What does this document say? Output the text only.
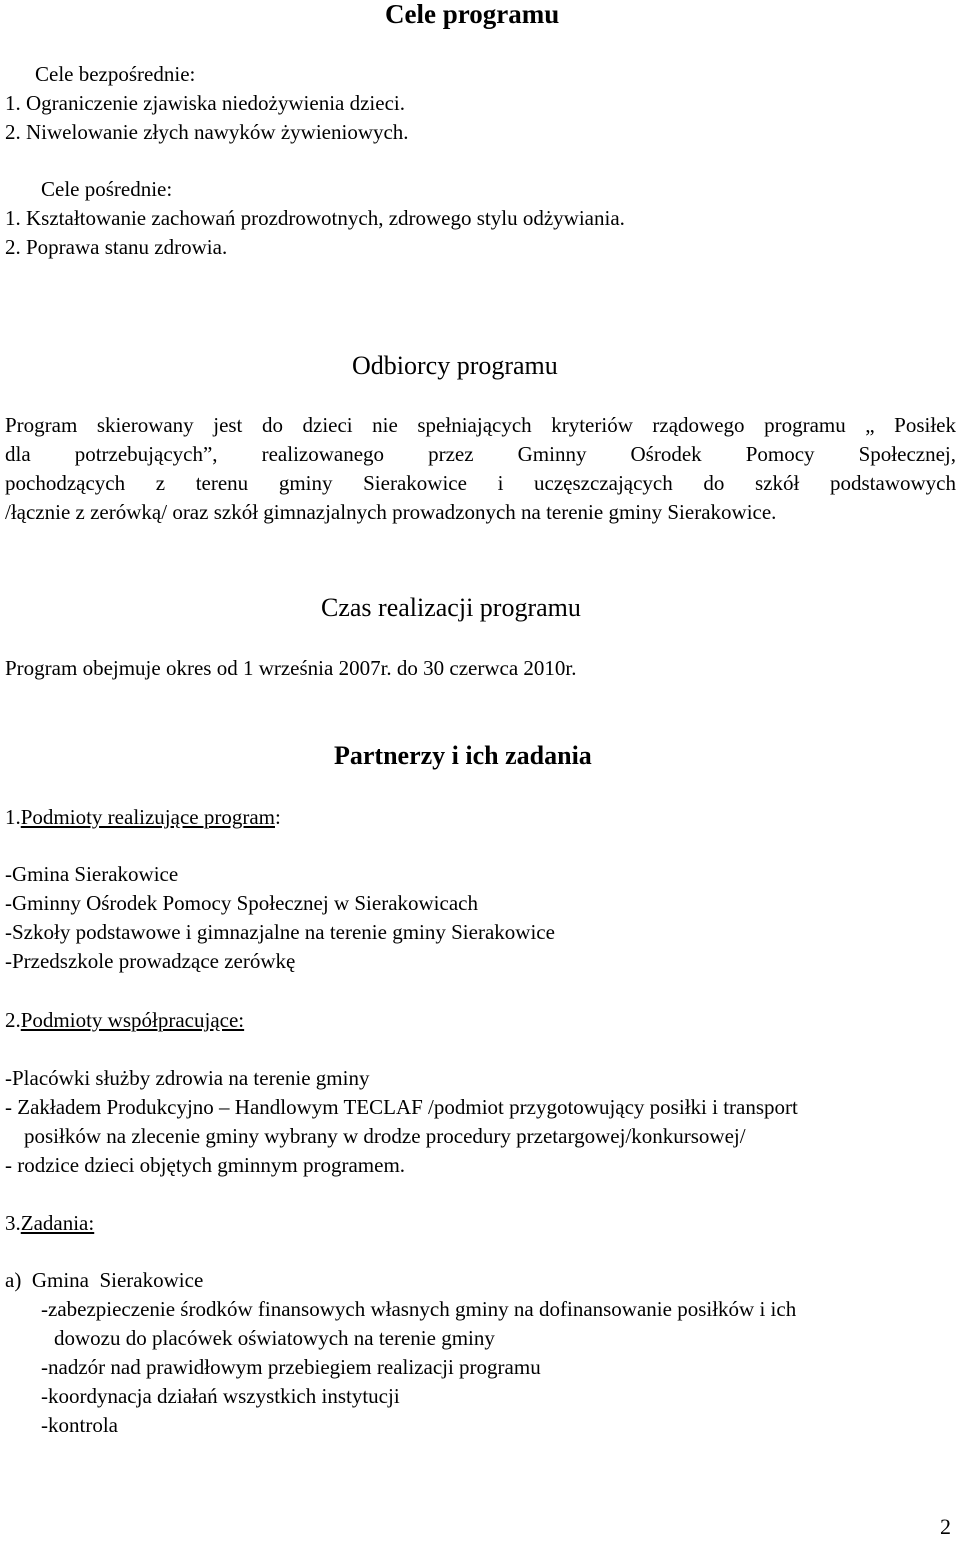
Cele programu
Cele bezpośrednie:
1. Ograniczenie zjawiska niedożywienia dzieci.
2. Niwelowanie złych nawyków żywieniowych.
Cele pośrednie:
1. Kształtowanie zachowań prozdrowotnych, zdrowego stylu odżywiania.
2. Poprawa stanu zdrowia.
Odbiorcy programu
Program skierowany jest do dzieci nie spełniających kryteriów rządowego programu „ Posiłek
dla potrzebujących”, realizowanego przez Gminny Ośrodek Pomocy Społecznej,
pochodzących z terenu gminy Sierakowice i uczęszczających do szkół podstawowych
/łącznie z zerówką/ oraz szkół gimnazjalnych prowadzonych na terenie gminy Sierakowice.
Czas realizacji programu
Program obejmuje okres od 1 września 2007r. do 30 czerwca 2010r.
Partnerzy i ich zadania
1.Podmioty realizujące program:
-Gmina Sierakowice
-Gminny Ośrodek Pomocy Społecznej w Sierakowicach
-Szkoły podstawowe i gimnazjalne na terenie gminy Sierakowice
-Przedszkole prowadzące zerówkę
2.Podmioty współpracujące:
-Placówki służby zdrowia na terenie gminy
- Zakładem Produkcyjno – Handlowym TECLAF /podmiot przygotowujący posiłki i transport
posiłków na zlecenie gminy wybrany w drodze procedury przetargowej/konkursowej/
- rodzice dzieci objętych gminnym programem.
3.Zadania:
a)  Gmina  Sierakowice
-zabezpieczenie środków finansowych własnych gminy na dofinansowanie posiłków i ich
dowozu do placówek oświatowych na terenie gminy
-nadzór nad prawidłowym przebiegiem realizacji programu
-koordynacja działań wszystkich instytucji
-kontrola
2
